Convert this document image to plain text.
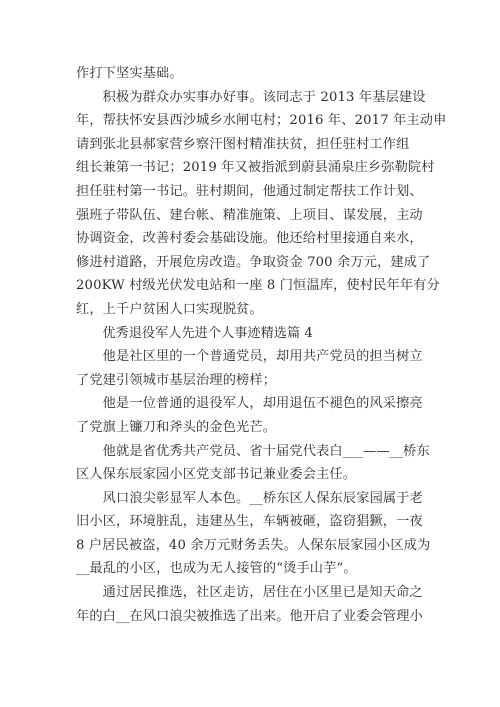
作打下坚实基础。
　　积极为群众办实事办好事。该同志于 2013 年基层建设
年，帮扶怀安县西沙城乡水闸屯村；2016 年、2017 年主动申
请到张北县郝家营乡察汗图村精准扶贫，担任驻村工作组
组长兼第一书记；2019 年又被指派到蔚县涌泉庄乡弥勒院村
担任驻村第一书记。驻村期间，他通过制定帮扶工作计划、
强班子带队伍、建台帐、精准施策、上项目、谋发展，主动
协调资金，改善村委会基础设施。他还给村里接通自来水，
修进村道路，开展危房改造。争取资金 700 余万元，建成了
200KW 村级光伏发电站和一座 8 门恒温库，使村民年年有分
红，上千户贫困人口实现脱贫。
　　优秀退役军人先进个人事迹精选篇 4
　　他是社区里的一个普通党员，却用共产党员的担当树立
了党建引领城市基层治理的榜样；
　　他是一位普通的退役军人，却用退伍不褪色的风采擦亮
了党旗上镰刀和斧头的金色光芒。
　　他就是省优秀共产党员、省十届党代表白___——__桥东
区人保东辰家园小区党支部书记兼业委会主任。
　　风口浪尖彰显军人本色。__桥东区人保东辰家园属于老
旧小区，环境脏乱，违建丛生，车辆被砸，盗窃猖獗，一夜
8 户居民被盗，40 余万元财务丢失。人保东辰家园小区成为
__最乱的小区，也成为无人接管的“烫手山芋”。
　　通过居民推选，社区走访，居住在小区里已是知天命之
年的白__在风口浪尖被推选了出来。他开启了业委会管理小
